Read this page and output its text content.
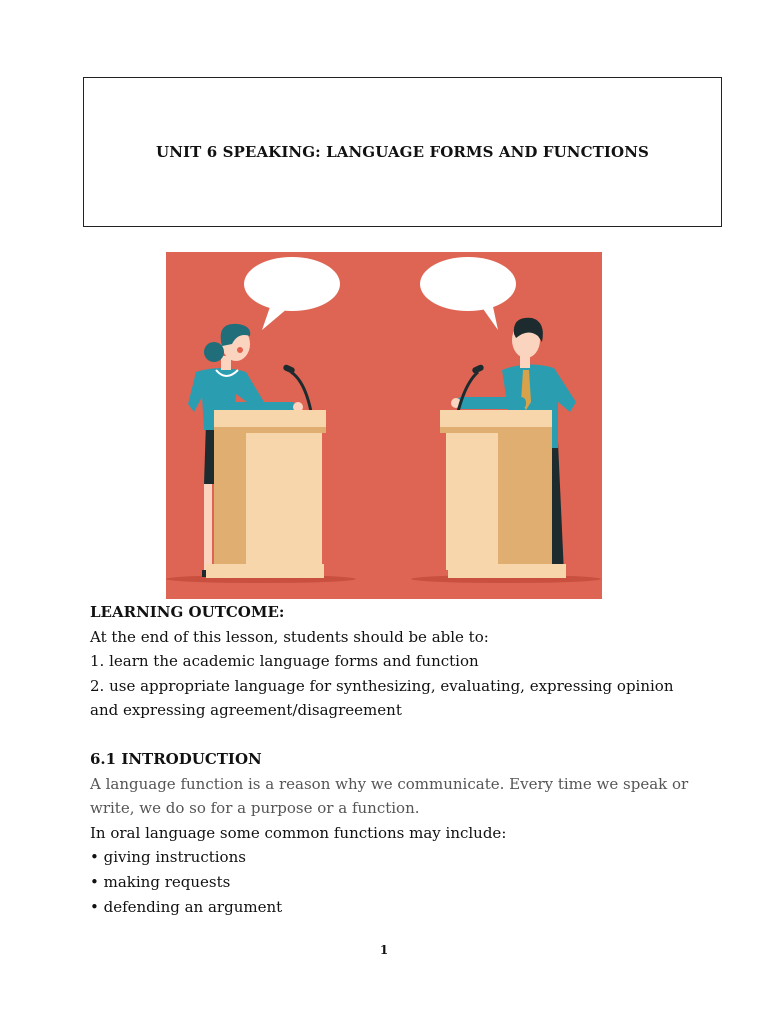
UNIT 6 SPEAKING: LANGUAGE FORMS AND FUNCTIONS

LEARNING OUTCOME:

At the end of this lesson, students should be able to:

1. learn the academic language forms and function

2. use appropriate language for synthesizing, evaluating, expressing opinion

and expressing agreement/disagreement

6.1 INTRODUCTION

A language function is a reason why we communicate. Every time we speak or

write, we do so for a purpose or a function.

In oral language some common functions may include:

• giving instructions

• making requests

• defending an argument

1
